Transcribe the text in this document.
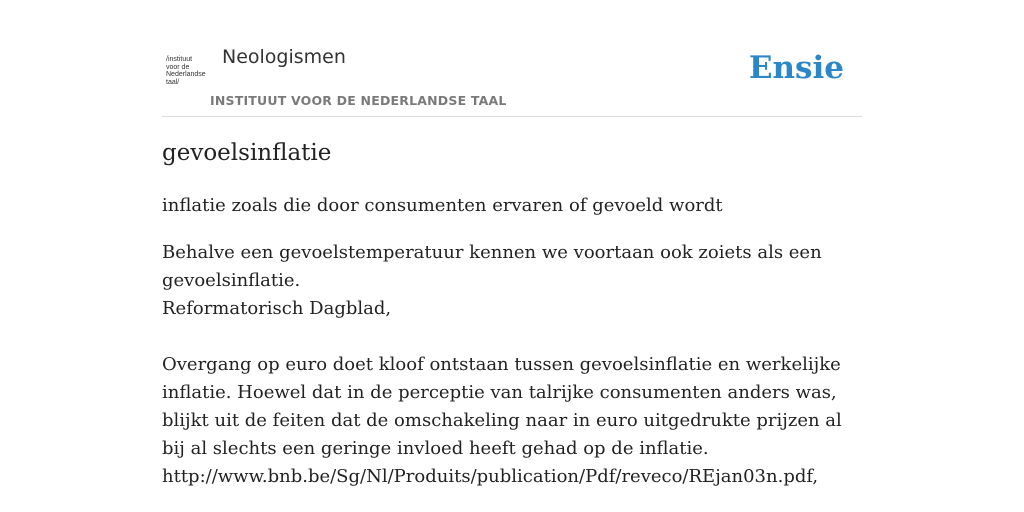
/instituut
voor de
Nederlandse
taal/
Neologismen
INSTITUUT VOOR DE NEDERLANDSE TAAL
Ensie
gevoelsinflatie
inflatie zoals die door consumenten ervaren of gevoeld wordt

Behalve een gevoelstemperatuur kennen we voortaan ook zoiets als een gevoelsinflatie.

Reformatorisch Dagblad,

Overgang op euro doet kloof ontstaan tussen gevoelsinflatie en werkelijke inflatie. Hoewel dat in de perceptie van talrijke consumenten anders was, blijkt uit de feiten dat de omschakeling naar in euro uitgedrukte prijzen al bij al slechts een geringe invloed heeft gehad op de inflatie.

http://www.bnb.be/Sg/Nl/Produits/publication/Pdf/reveco/REjan03n.pdf,
